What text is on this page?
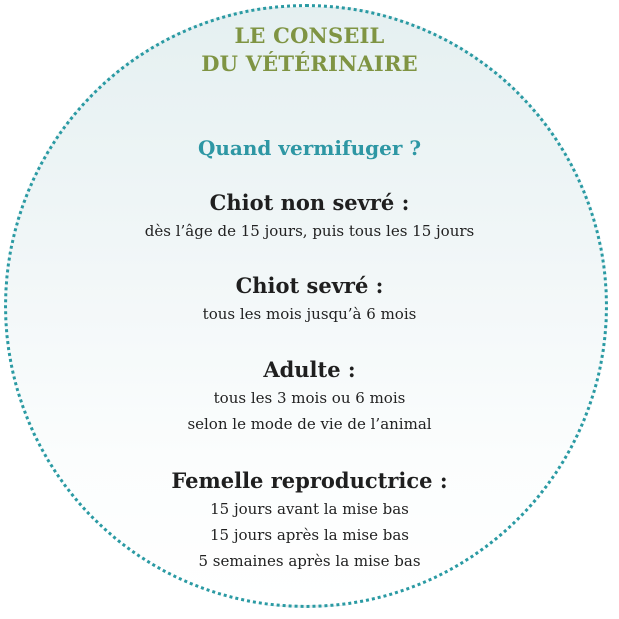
LE CONSEIL
DU VÉTÉRINAIRE
Quand vermifuger ?
Chiot non sevré :
dès l’âge de 15 jours, puis tous les 15 jours
Chiot sevré :
tous les mois jusqu’à 6 mois
Adulte :
tous les 3 mois ou 6 mois
selon le mode de vie de l’animal
Femelle reproductrice :
15 jours avant la mise bas
15 jours après la mise bas
5 semaines après la mise bas
